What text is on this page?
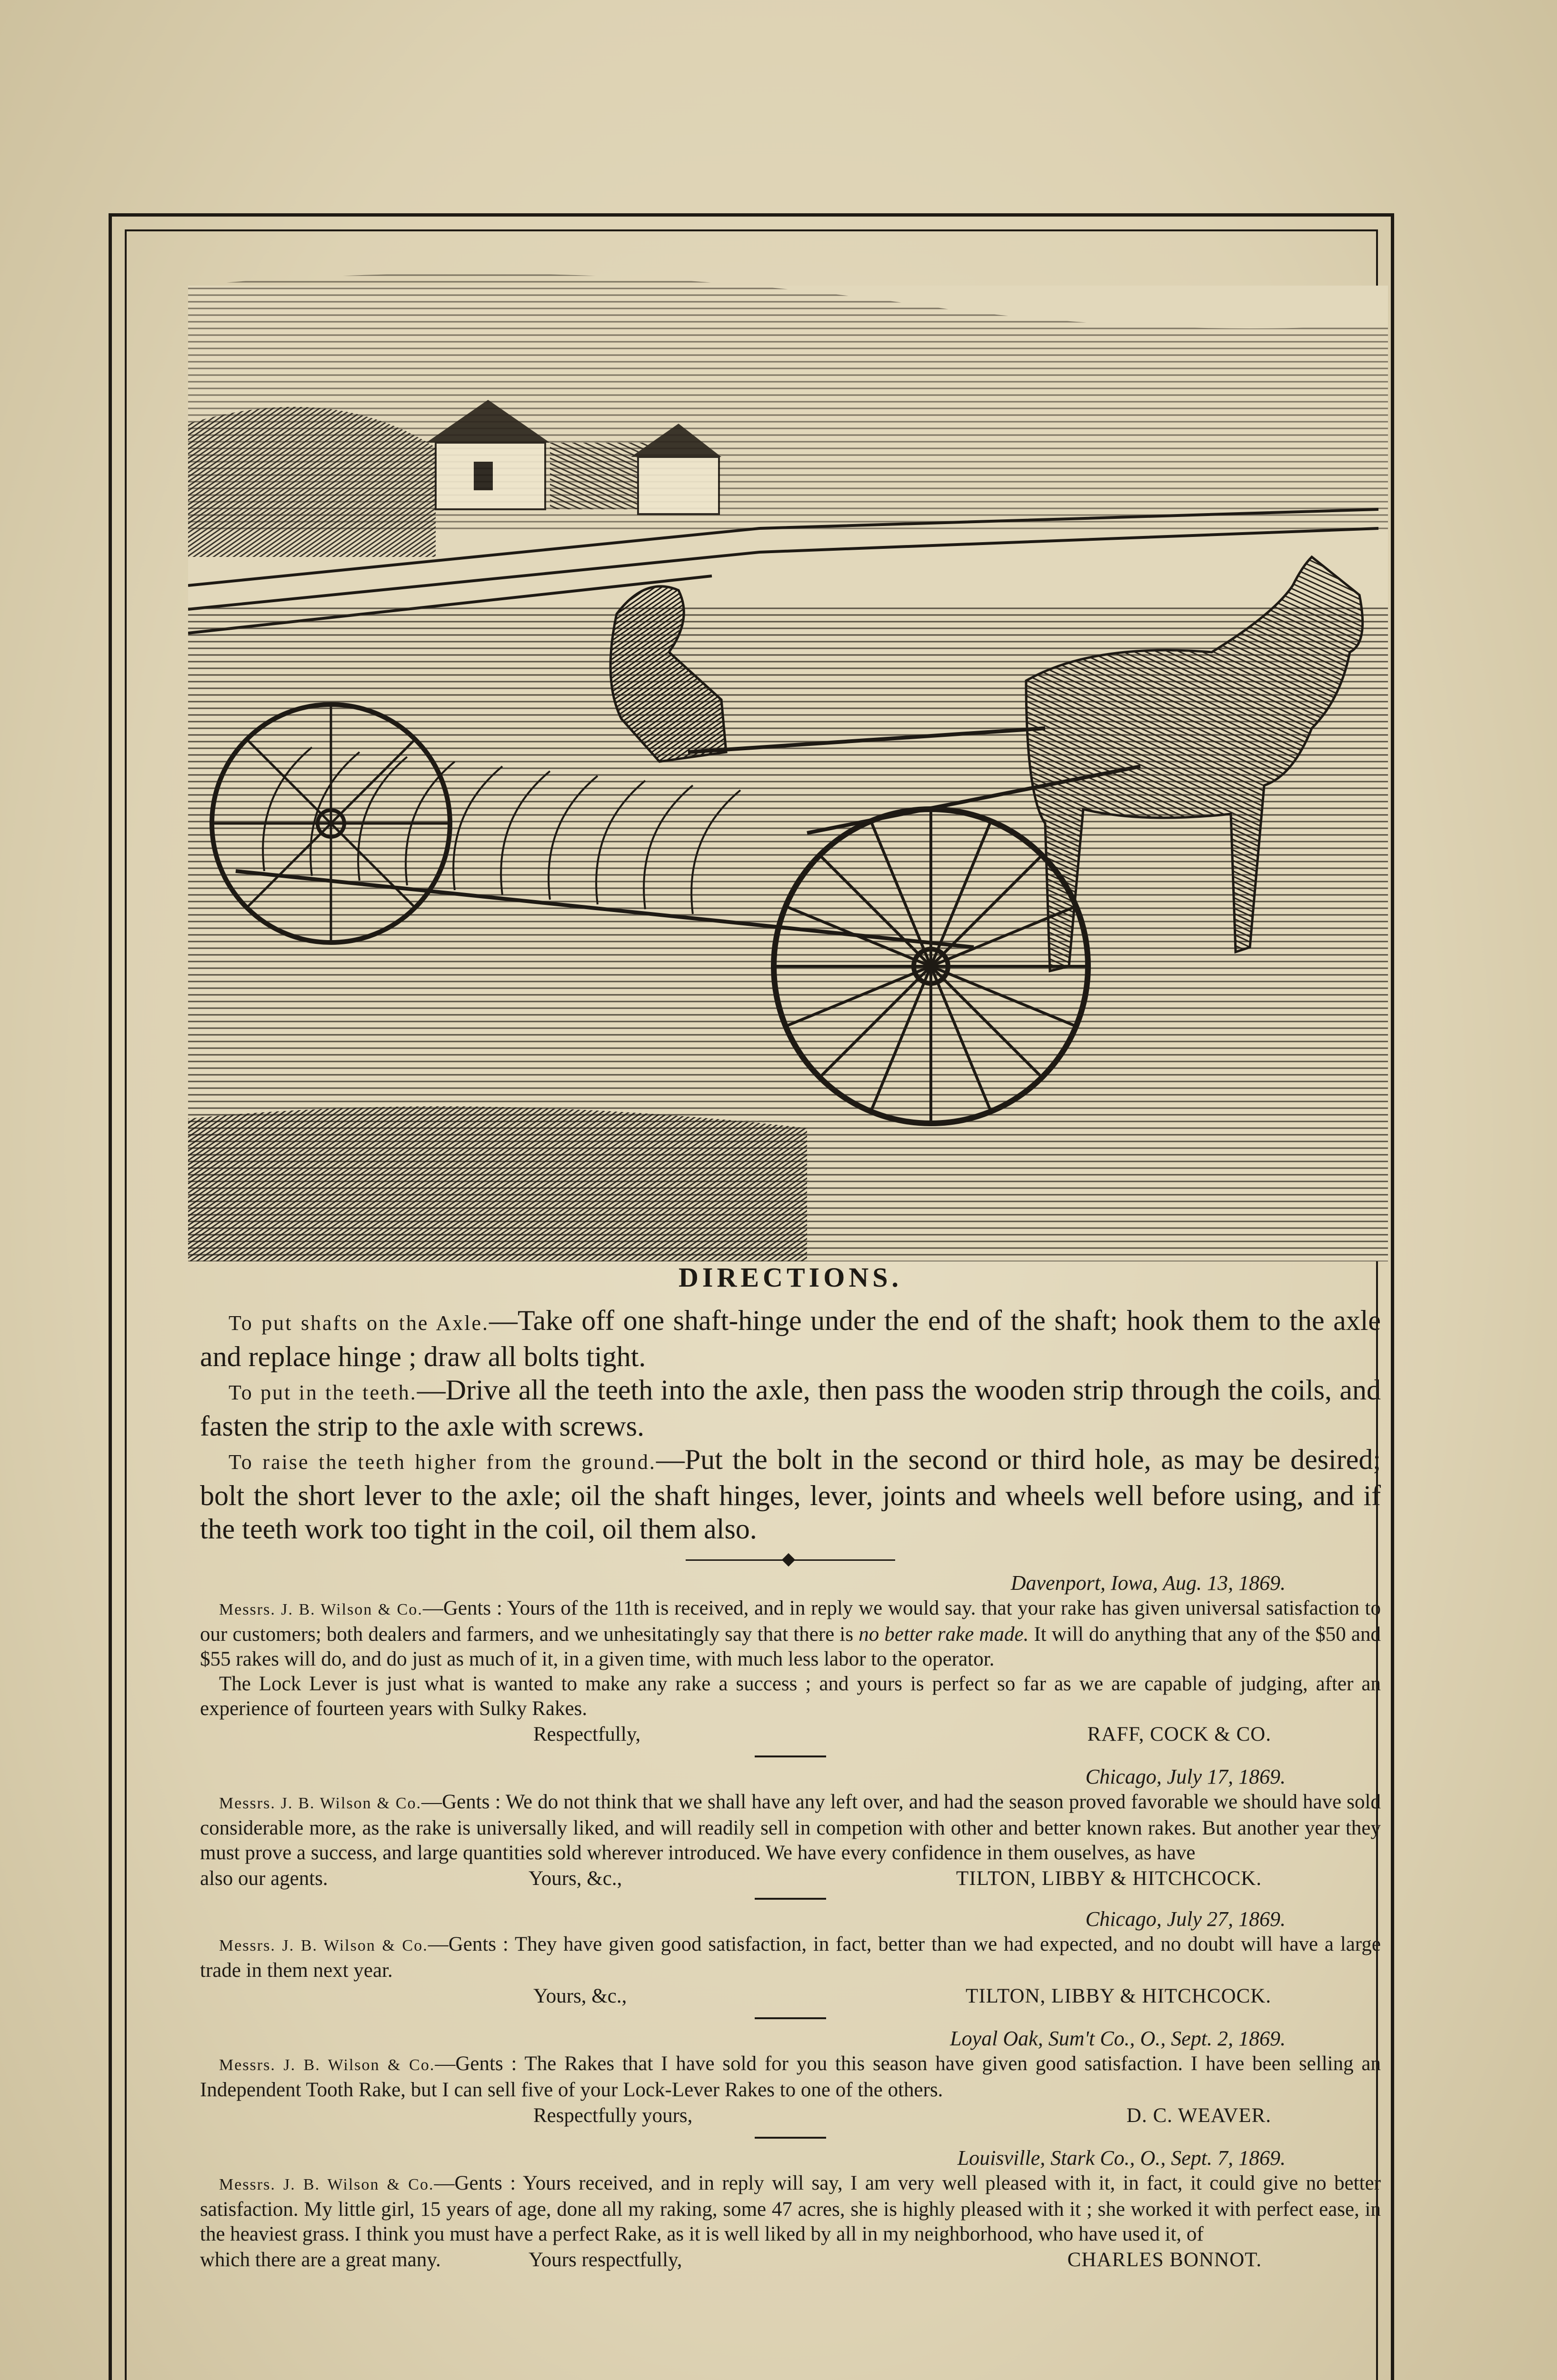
DIRECTIONS.

To put shafts on the Axle.—Take off one shaft-hinge under the end of the shaft; hook them to the axle and replace hinge ; draw all bolts tight.

To put in the teeth.—Drive all the teeth into the axle, then pass the wooden strip through the coils, and fasten the strip to the axle with screws.

To raise the teeth higher from the ground.—Put the bolt in the second or third hole, as may be desired; bolt the short lever to the axle; oil the shaft hinges, lever, joints and wheels well before using, and if the teeth work too tight in the coil, oil them also.

Davenport, Iowa, Aug. 13, 1869.

Messrs. J. B. Wilson & Co.—Gents : Yours of the 11th is received, and in reply we would say. that your rake has given universal satisfaction to our customers; both dealers and farmers, and we unhesitatingly say that there is no better rake made. It will do anything that any of the $50 and $55 rakes will do, and do just as much of it, in a given time, with much less labor to the operator.

The Lock Lever is just what is wanted to make any rake a success ; and yours is perfect so far as we are capable of judging, after an experience of fourteen years with Sulky Rakes.

Respectfully,	RAFF, COCK & CO.

Chicago, July 17, 1869.

Messrs. J. B. Wilson & Co.—Gents : We do not think that we shall have any left over, and had the season proved favorable we should have sold considerable more, as the rake is universally liked, and will readily sell in competion with other and better known rakes. But another year they must prove a success, and large quantities sold wherever introduced. We have every confidence in them ouselves, as have

also our agents.	Yours, &c.,	TILTON, LIBBY & HITCHCOCK.

Chicago, July 27, 1869.

Messrs. J. B. Wilson & Co.—Gents : They have given good satisfaction, in fact, better than we had expected, and no doubt will have a large trade in them next year.

Yours, &c.,	TILTON, LIBBY & HITCHCOCK.

Loyal Oak, Sum't Co., O., Sept. 2, 1869.

Messrs. J. B. Wilson & Co.—Gents : The Rakes that I have sold for you this season have given good satisfaction. I have been selling an Independent Tooth Rake, but I can sell five of your Lock-Lever Rakes to one of the others.

Respectfully yours,	D. C. WEAVER.

Louisville, Stark Co., O., Sept. 7, 1869.

Messrs. J. B. Wilson & Co.—Gents : Yours received, and in reply will say, I am very well pleased with it, in fact, it could give no better satisfaction. My little girl, 15 years of age, done all my raking, some 47 acres, she is highly pleased with it ; she worked it with perfect ease, in the heaviest grass. I think you must have a perfect Rake, as it is well liked by all in my neighborhood, who have used it, of

which there are a great many.	Yours respectfully,	CHARLES BONNOT.
